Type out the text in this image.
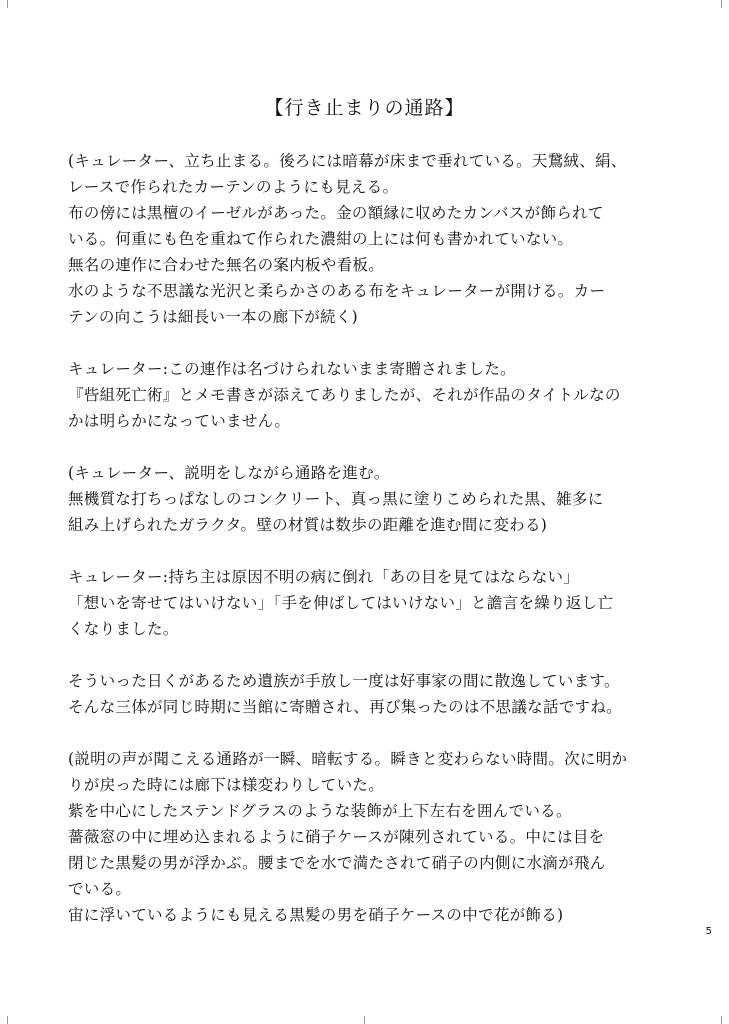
【行き止まりの通路】
(キュレーター、立ち止まる。後ろには暗幕が床まで垂れている。天鵞絨、絹、
レースで作られたカーテンのようにも見える。
布の傍には黒檀のイーゼルがあった。金の額縁に収めたカンバスが飾られて
いる。何重にも色を重ねて作られた濃紺の上には何も書かれていない。
無名の連作に合わせた無名の案内板や看板。
水のような不思議な光沢と柔らかさのある布をキュレーターが開ける。カー
テンの向こうは細長い一本の廊下が続く)
キュレーター:この連作は名づけられないまま寄贈されました。
『呰組死亡術』とメモ書きが添えてありましたが、それが作品のタイトルなの
かは明らかになっていません。
(キュレーター、説明をしながら通路を進む。
無機質な打ちっぱなしのコンクリート、真っ黒に塗りこめられた黒、雑多に
組み上げられたガラクタ。壁の材質は数歩の距離を進む間に変わる)
キュレーター:持ち主は原因不明の病に倒れ「あの目を見てはならない」
「想いを寄せてはいけない」「手を伸ばしてはいけない」と譫言を繰り返し亡
くなりました。
そういった日くがあるため遺族が手放し一度は好事家の間に散逸しています。
そんな三体が同じ時期に当館に寄贈され、再び集ったのは不思議な話ですね。
(説明の声が聞こえる通路が一瞬、暗転する。瞬きと変わらない時間。次に明か
りが戻った時には廊下は様変わりしていた。
紫を中心にしたステンドグラスのような装飾が上下左右を囲んでいる。
薔薇窓の中に埋め込まれるように硝子ケースが陳列されている。中には目を
閉じた黒髪の男が浮かぶ。腰までを水で満たされて硝子の内側に水滴が飛ん
でいる。
宙に浮いているようにも見える黒髪の男を硝子ケースの中で花が飾る)
5
